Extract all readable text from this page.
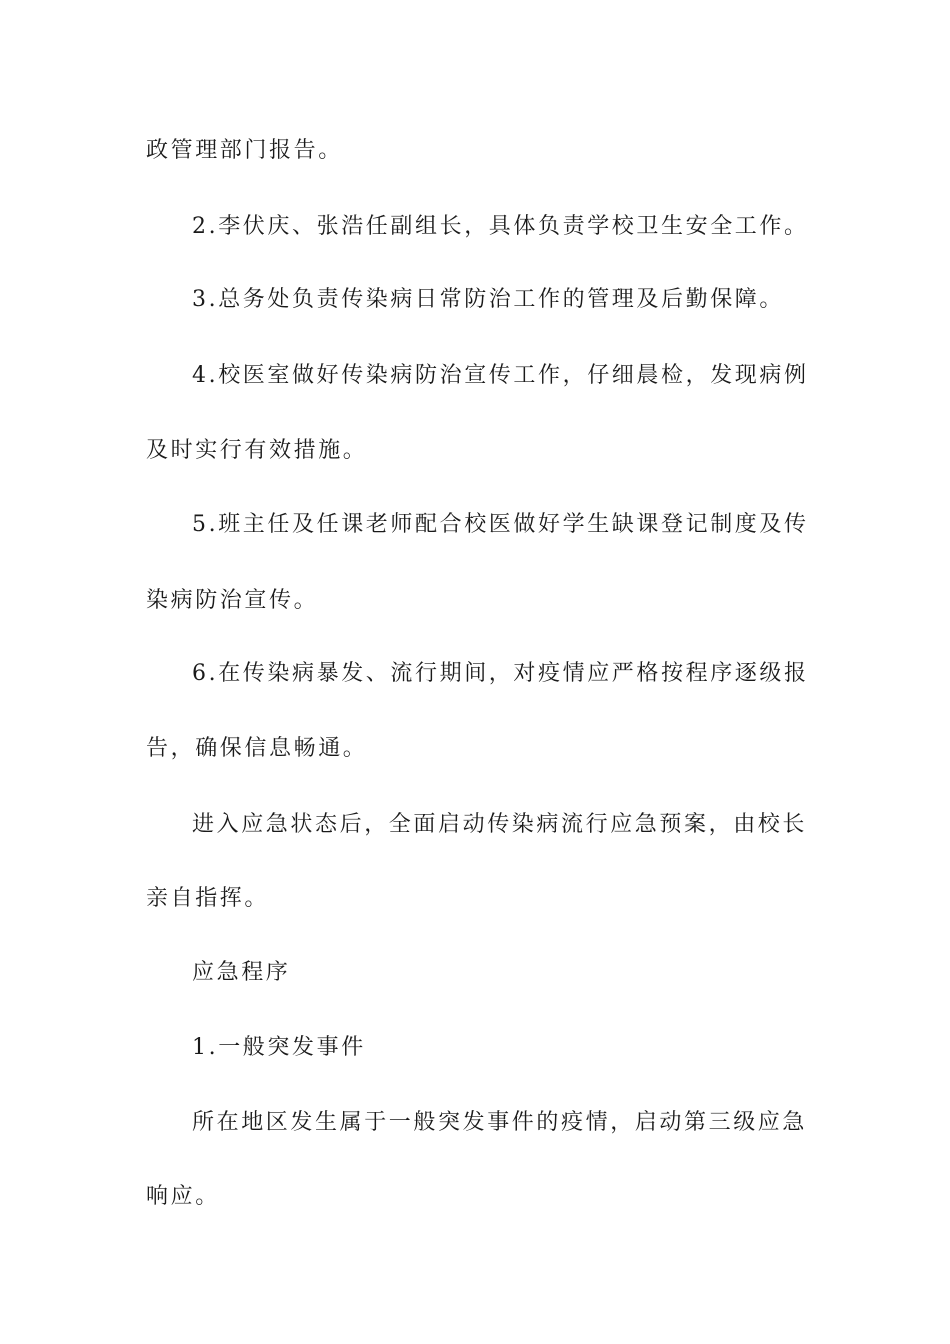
政管理部门报告。
2.李伏庆、张浩任副组长，具体负责学校卫生安全工作。
3.总务处负责传染病日常防治工作的管理及后勤保障。
4.校医室做好传染病防治宣传工作，仔细晨检，发现病例
及时实行有效措施。
5.班主任及任课老师配合校医做好学生缺课登记制度及传
染病防治宣传。
6.在传染病暴发、流行期间，对疫情应严格按程序逐级报
告，确保信息畅通。
进入应急状态后，全面启动传染病流行应急预案，由校长
亲自指挥。
应急程序
1.一般突发事件
所在地区发生属于一般突发事件的疫情，启动第三级应急
响应。
